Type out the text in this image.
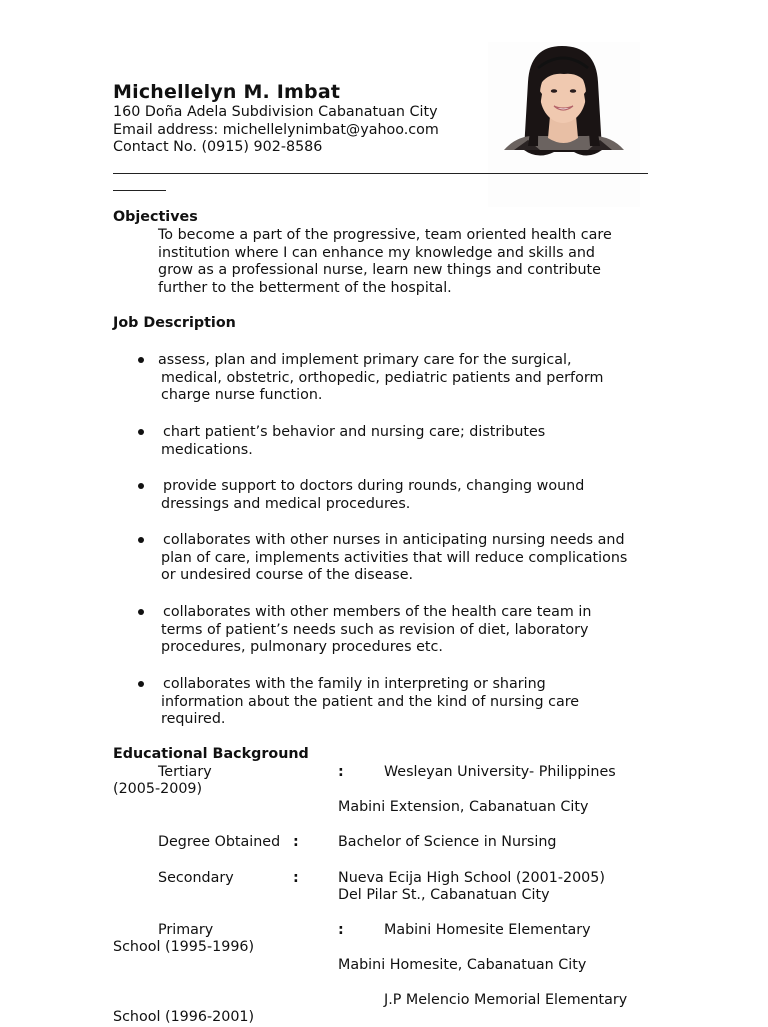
Michellelyn M. Imbat
160 Doña Adela Subdivision Cabanatuan City
Email address: michellelynimbat@yahoo.com
Contact No. (0915) 902-8586
Objectives
To become a part of the progressive, team oriented health care
institution where I can enhance my knowledge and skills and
grow as a professional nurse, learn new things and contribute
further to the betterment of the hospital.
Job Description
assess, plan and implement primary care for the surgical,
medical, obstetric, orthopedic, pediatric patients and perform
charge nurse function.
chart patient’s behavior and nursing care; distributes
medications.
provide support to doctors during rounds, changing wound
dressings and medical procedures.
collaborates with other nurses in anticipating nursing needs and
plan of care, implements activities that will reduce complications
or undesired course of the disease.
collaborates with other members of the health care team in
terms of patient’s needs such as revision of diet, laboratory
procedures, pulmonary procedures etc.
collaborates with the family in interpreting or sharing
information about the patient and the kind of nursing care
required.
Educational Background
Tertiary	:	Wesleyan University- Philippines
(2005-2009)
Mabini Extension, Cabanatuan City
Degree Obtained :	Bachelor of Science in Nursing
Secondary	:	Nueva Ecija High School (2001-2005)
Del Pilar St., Cabanatuan City
Primary	:	Mabini Homesite Elementary
School (1995-1996)
Mabini Homesite, Cabanatuan City
J.P Melencio Memorial Elementary
School (1996-2001)
